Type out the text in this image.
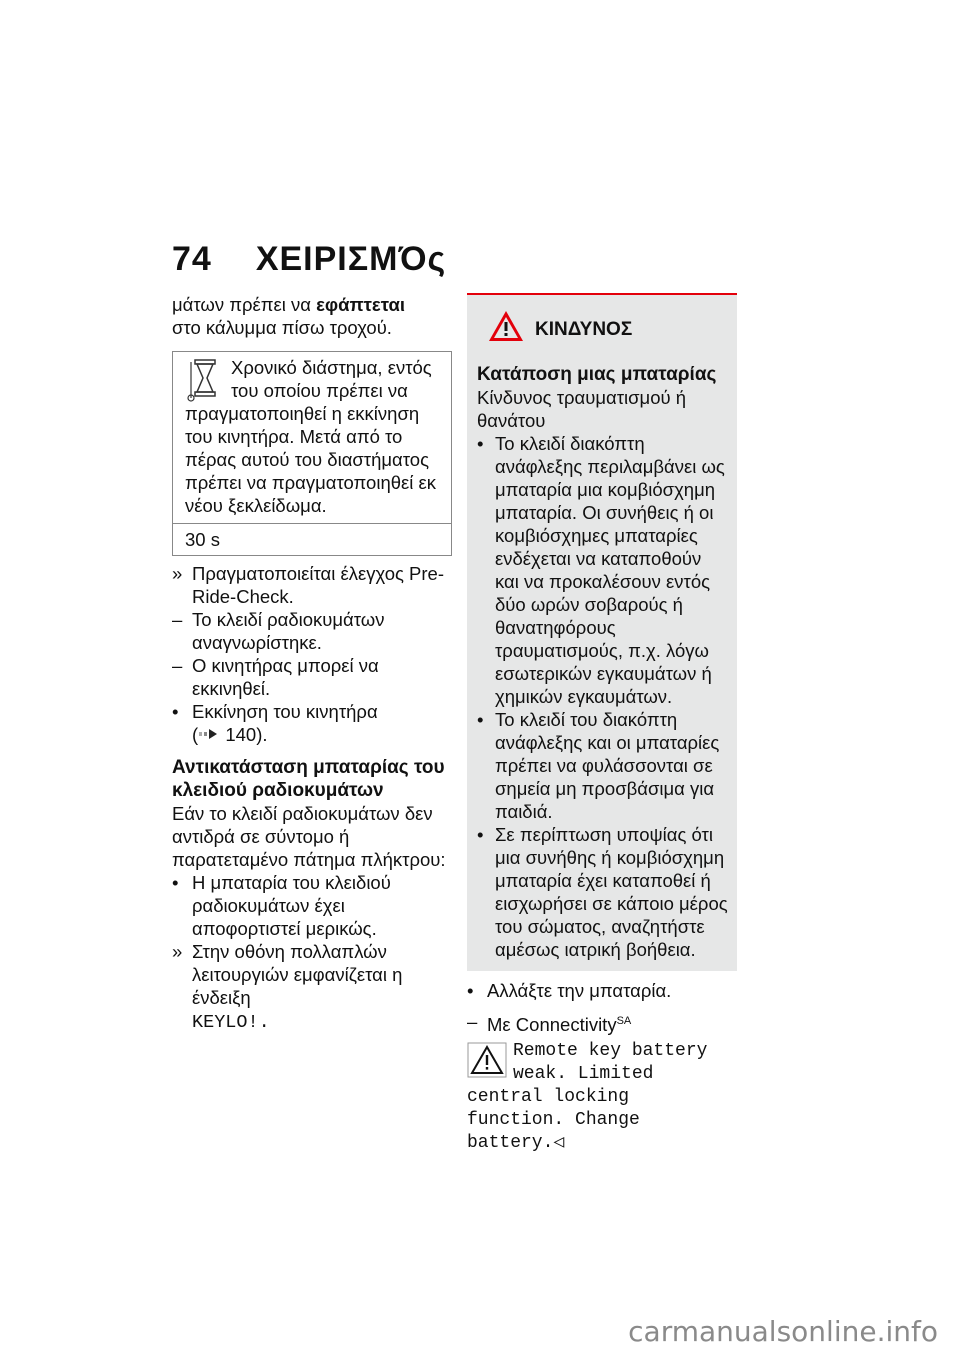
74 ΧΕΙΡΙΣΜΌς

μάτων πρέπει να εφάπτεται
στο κάλυμμα πίσω τροχού.

Χρονικό διάστημα, εντός του οποίου πρέπει να πραγματοποιηθεί η εκκίνηση του κινητήρα. Μετά από το πέρας αυτού του διαστήματος πρέπει να πραγματοποιηθεί εκ νέου ξεκλείδωμα.
30 s
» Πραγματοποιείται έλεγχος Pre-Ride-Check.
– Το κλειδί ραδιοκυμάτων αναγνωρίστηκε.
– Ο κινητήρας μπορεί να εκκινηθεί.
• Εκκίνηση του κινητήρα
( 140).
Αντικατάσταση μπαταρίας του κλειδιού ραδιοκυμάτων

Εάν το κλειδί ραδιοκυμάτων δεν αντιδρά σε σύντομο ή παρατεταμένο πάτημα πλήκτρου:

• Η μπαταρία του κλειδιού ραδιοκυμάτων έχει αποφορτιστεί μερικώς.
» Στην οθόνη πολλαπλών λειτουργιών εμφανίζεται η ένδειξη
KEYLO!.
ΚΙΝΔΥΝΟΣ
Κατάποση μιας μπαταρίας

Κίνδυνος τραυματισμού ή θανάτου

• Το κλειδί διακόπτη ανάφλεξης περιλαμβάνει ως μπαταρία μια κομβιόσχημη μπαταρία. Οι συνήθεις ή οι κομβιόσχημες μπαταρίες ενδέχεται να καταποθούν και να προκαλέσουν εντός δύο ωρών σοβαρούς ή θανατηφόρους τραυματισμούς, π.χ. λόγω εσωτερικών εγκαυμάτων ή χημικών εγκαυμάτων.
• Το κλειδί του διακόπτη ανάφλεξης και οι μπαταρίες πρέπει να φυλάσσονται σε σημεία μη προσβάσιμα για παιδιά.
• Σε περίπτωση υποψίας ότι μια συνήθης ή κομβιόσχημη μπαταρία έχει καταποθεί ή εισχωρήσει σε κάποιο μέρος του σώματος, αναζητήστε αμέσως ιατρική βοήθεια.
• Αλλάξτε την μπαταρία.
– Με Connectivity$^{SA}$
Remote key battery weak. Limited central locking function. Change battery.◁
carmanualsonline.info
